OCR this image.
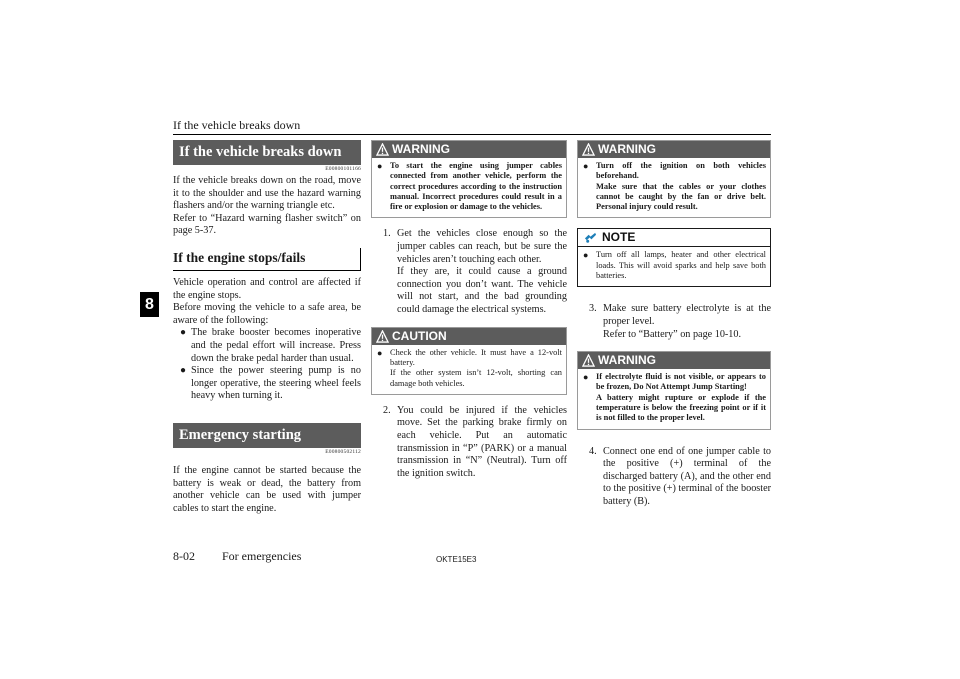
If the vehicle breaks down
8
If the vehicle breaks down
E00800101166

If the vehicle breaks down on the road, move it to the shoulder and use the hazard warning flashers and/or the warning triangle etc.

Refer to “Hazard warning flasher switch” on page 5-37.

If the engine stops/fails

Vehicle operation and control are affected if the engine stops.

Before moving the vehicle to a safe area, be aware of the following:

● The brake booster becomes inoperative and the pedal effort will increase. Press down the brake pedal harder than usual.
● Since the power steering pump is no longer operative, the steering wheel feels heavy when turning it.
Emergency starting
E00800502112

If the engine cannot be started because the battery is weak or dead, the battery from another vehicle can be used with jumper cables to start the engine.

WARNING
● To start the engine using jumper cables connected from another vehicle, perform the correct procedures according to the instruction manual. Incorrect procedures could result in a fire or explosion or damage to the vehicles.
1. Get the vehicles close enough so the jumper cables can reach, but be sure the vehicles aren’t touching each other.
If they are, it could cause a ground connection you don’t want. The vehicle will not start, and the bad grounding could damage the electrical systems.
CAUTION
● Check the other vehicle. It must have a 12-volt battery.
If the other system isn’t 12-volt, shorting can damage both vehicles.
2. You could be injured if the vehicles move. Set the parking brake firmly on each vehicle. Put an automatic transmission in “P” (PARK) or a manual transmission in “N” (Neutral). Turn off the ignition switch.
WARNING
● Turn off the ignition on both vehicles beforehand.
Make sure that the cables or your clothes cannot be caught by the fan or drive belt. Personal injury could result.
NOTE
● Turn off all lamps, heater and other electrical loads. This will avoid sparks and help save both batteries.
3. Make sure battery electrolyte is at the proper level.
Refer to “Battery” on page 10-10.
WARNING
● If electrolyte fluid is not visible, or appears to be frozen, Do Not Attempt Jump Starting!
A battery might rupture or explode if the temperature is below the freezing point or if it is not filled to the proper level.
4. Connect one end of one jumper cable to the positive (+) terminal of the discharged battery (A), and the other end to the positive (+) terminal of the booster battery (B).
8-02 For emergencies	OKTE15E3
